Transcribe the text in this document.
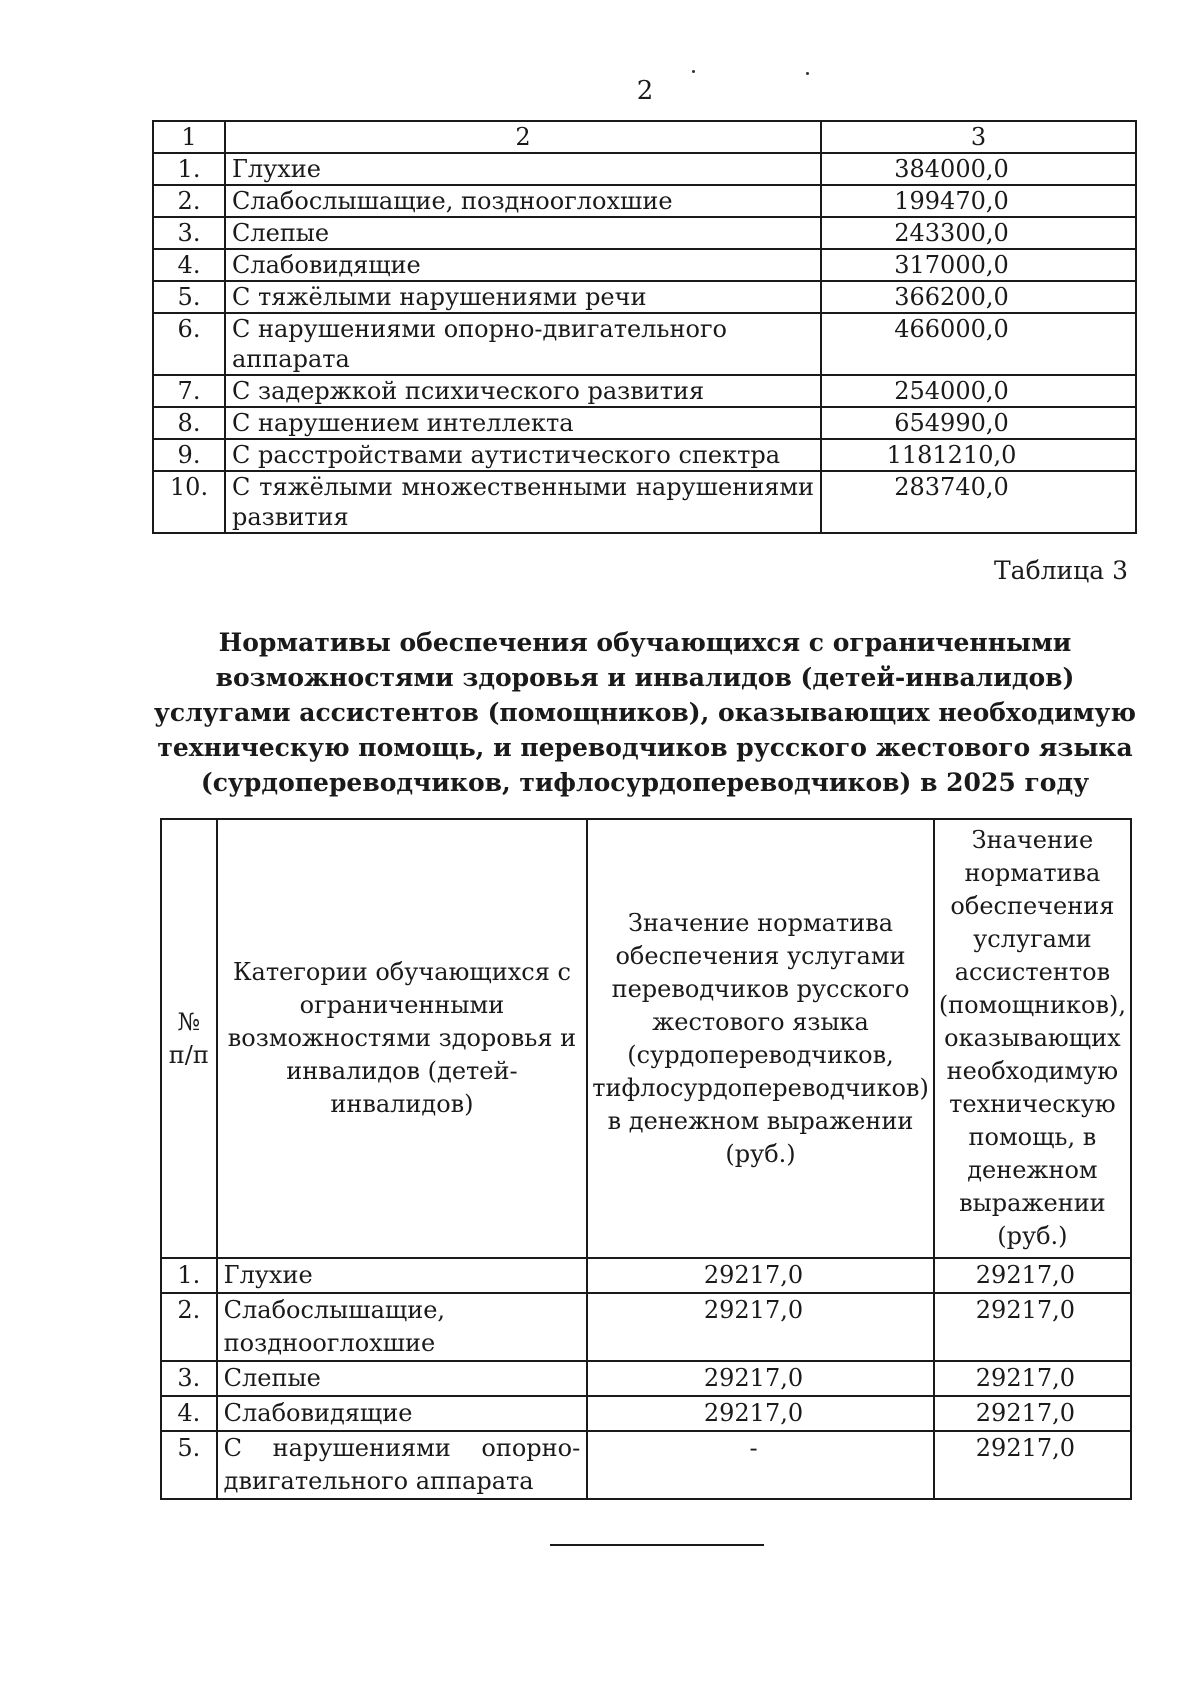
2
1	2	3
1.	Глухие	384000,0
2.	Слабослышащие, позднооглохшие	199470,0
3.	Слепые	243300,0
4.	Слабовидящие	317000,0
5.	С тяжёлыми нарушениями речи	366200,0
6.	С нарушениями опорно-двигательного аппарата	466000,0
7.	С задержкой психического развития	254000,0
8.	С нарушением интеллекта	654990,0
9.	С расстройствами аутистического спектра	1181210,0
10.	С тяжёлыми множественными нарушениями развития	283740,0
Таблица 3
Нормативы обеспечения обучающихся с ограниченными возможностями здоровья и инвалидов (детей-инвалидов) услугами ассистентов (помощников), оказывающих необходимую техническую помощь, и переводчиков русского жестового языка (сурдопереводчиков, тифлосурдопереводчиков) в 2025 году
№ п/п	Категории обучающихся с ограниченными возможностями здоровья и инвалидов (детей-инвалидов)	Значение норматива обеспечения услугами переводчиков русского жестового языка (сурдопереводчиков, тифлосурдопереводчиков) в денежном выражении (руб.)	Значение норматива обеспечения услугами ассистентов (помощников), оказывающих необходимую техническую помощь, в денежном выражении (руб.)
1.	Глухие	29217,0	29217,0
2.	Слабослышащие, позднооглохшие	29217,0	29217,0
3.	Слепые	29217,0	29217,0
4.	Слабовидящие	29217,0	29217,0
5.	С нарушениями опорно-двигательного аппарата	-	29217,0
